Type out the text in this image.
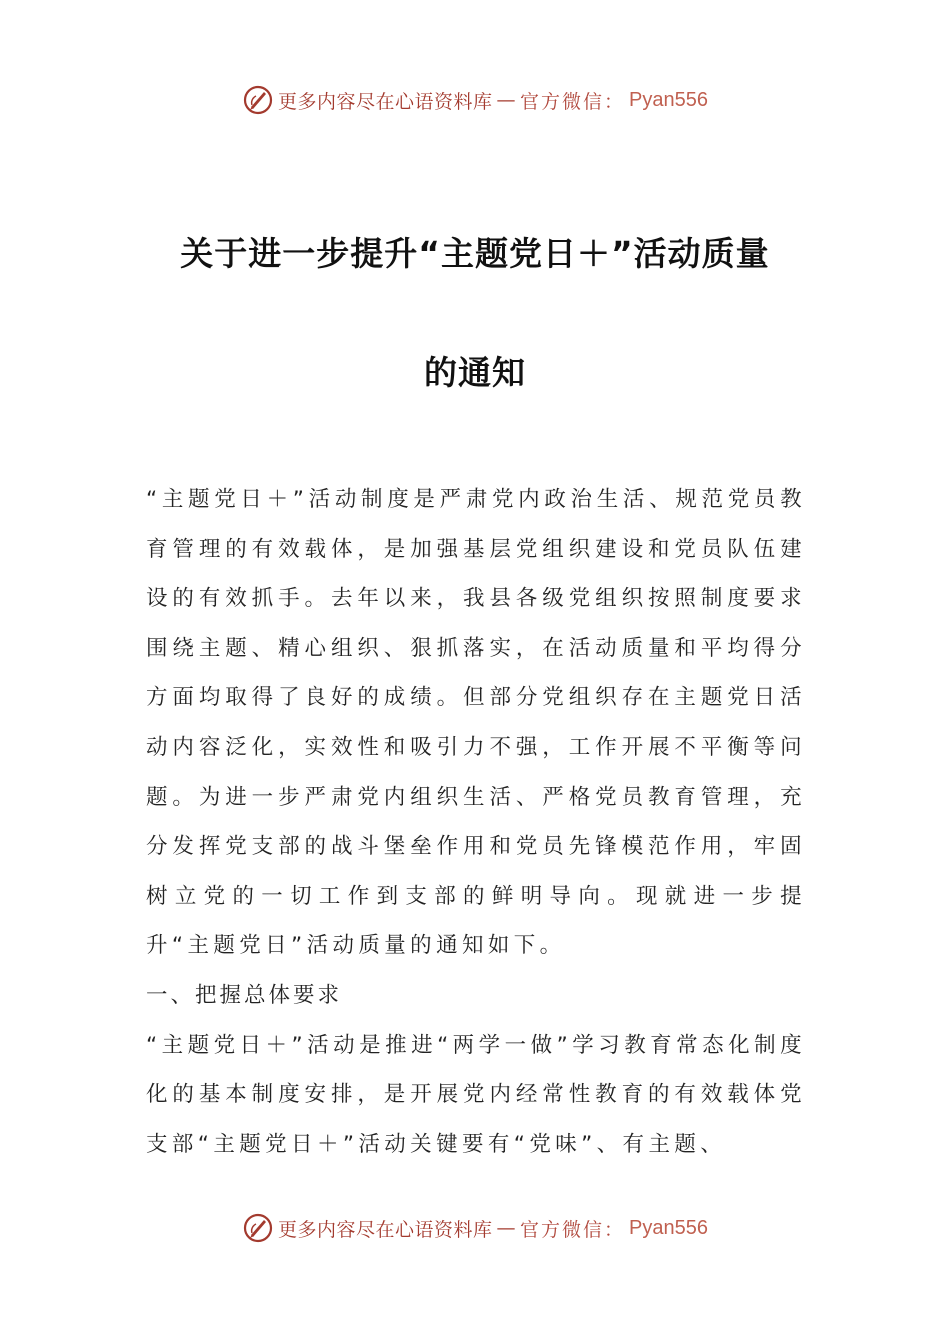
更多内容尽在心语资料库 — 官方微信： Pyan556
关于进一步提升“主题党日＋”活动质量
的通知

“主题党日＋”活动制度是严肃党内政治生活、规范党员教育管理的有效载体，是加强基层党组织建设和党员队伍建设的有效抓手。去年以来，我县各级党组织按照制度要求围绕主题、精心组织、狠抓落实，在活动质量和平均得分方面均取得了良好的成绩。但部分党组织存在主题党日活动内容泛化，实效性和吸引力不强，工作开展不平衡等问题。为进一步严肃党内组织生活、严格党员教育管理，充分发挥党支部的战斗堡垒作用和党员先锋模范作用，牢固树立党的一切工作到支部的鲜明导向。现就进一步提升“主题党日”活动质量的通知如下。

一、把握总体要求

“主题党日＋”活动是推进“两学一做”学习教育常态化制度化的基本制度安排，是开展党内经常性教育的有效载体党支部“主题党日＋”活动关键要有“党味”、有主题、

更多内容尽在心语资料库 — 官方微信： Pyan556
